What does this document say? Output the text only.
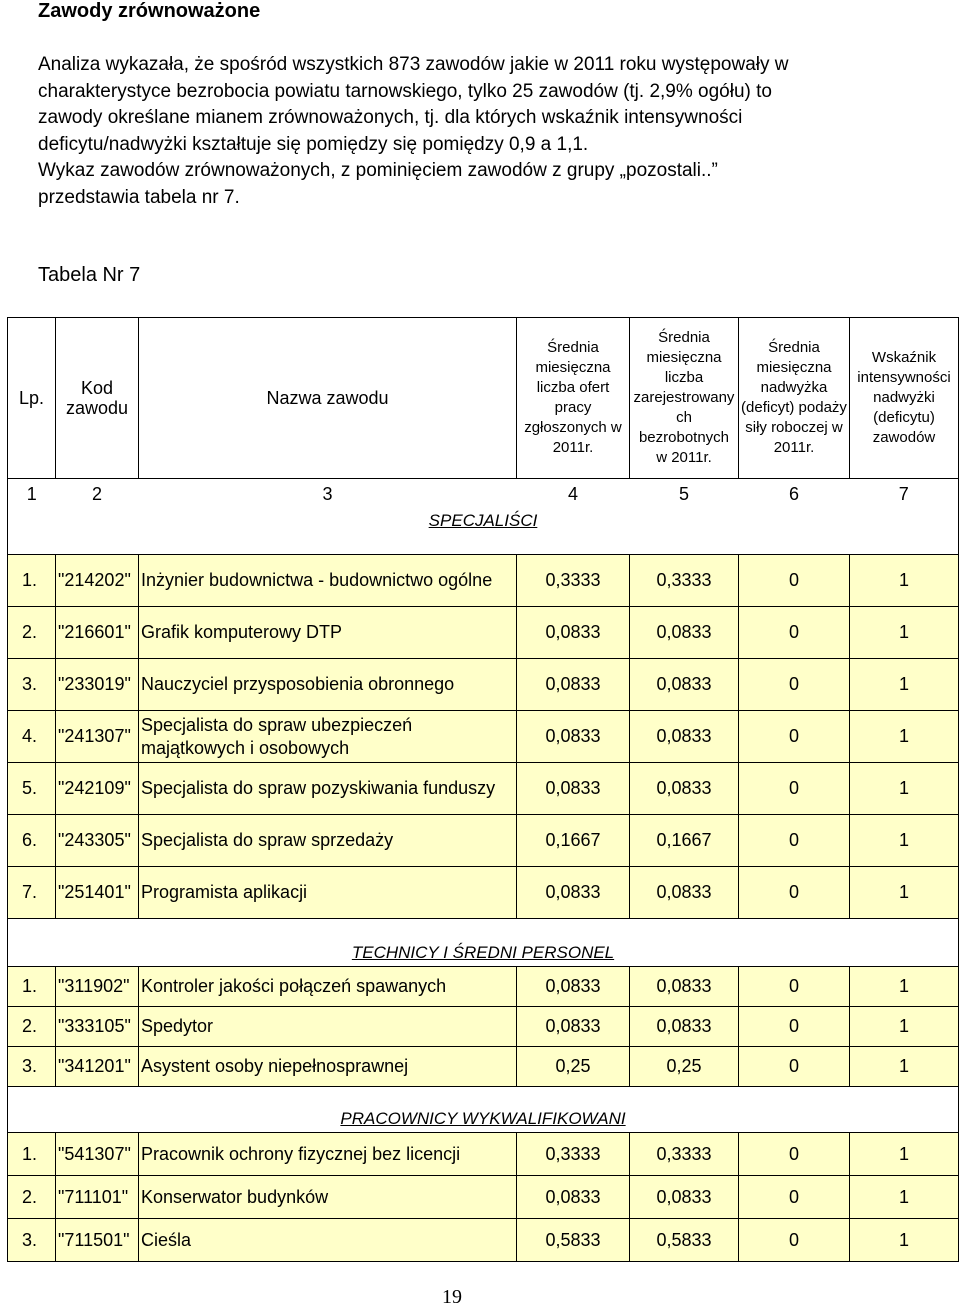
Zawody zrównoważone
Analiza wykazała, że spośród wszystkich 873 zawodów jakie w 2011 roku występowały w
charakterystyce bezrobocia powiatu tarnowskiego, tylko 25 zawodów (tj. 2,9% ogółu) to
zawody określane mianem zrównoważonych, tj. dla których wskaźnik intensywności
deficytu/nadwyżki kształtuje się pomiędzy się pomiędzy 0,9 a 1,1.
Wykaz zawodów zrównoważonych, z pominięciem zawodów z grupy „pozostali..”
przedstawia tabela nr 7.
Tabela Nr 7
Lp.	Kod zawodu	Nazwa zawodu	Średnia miesięczna liczba ofert pracy zgłoszonych w 2011r.	Średnia miesięczna liczba zarejestrowany ch bezrobotnych w 2011r.	Średnia miesięczna nadwyżka (deficyt) podaży siły roboczej w 2011r.	Wskaźnik intensywności nadwyżki (deficytu) zawodów
1	2	3	4	5	6	7
SPECJALIŚCI						
1.	"214202"	Inżynier budownictwa - budownictwo ogólne	0,3333	0,3333	0	1
2.	"216601"	Grafik komputerowy DTP	0,0833	0,0833	0	1
3.	"233019"	Nauczyciel przysposobienia obronnego	0,0833	0,0833	0	1
4.	"241307"	Specjalista do spraw ubezpieczeń majątkowych i osobowych	0,0833	0,0833	0	1
5.	"242109"	Specjalista do spraw pozyskiwania funduszy	0,0833	0,0833	0	1
6.	"243305"	Specjalista do spraw sprzedaży	0,1667	0,1667	0	1
7.	"251401"	Programista aplikacji	0,0833	0,0833	0	1
TECHNICY I ŚREDNI PERSONEL						
1.	"311902"	Kontroler jakości połączeń spawanych	0,0833	0,0833	0	1
2.	"333105"	Spedytor	0,0833	0,0833	0	1
3.	"341201"	Asystent osoby niepełnosprawnej	0,25	0,25	0	1
PRACOWNICY WYKWALIFIKOWANI						
1.	"541307"	Pracownik ochrony fizycznej bez licencji	0,3333	0,3333	0	1
2.	"711101"	Konserwator budynków	0,0833	0,0833	0	1
3.	"711501"	Cieśla	0,5833	0,5833	0	1
19
